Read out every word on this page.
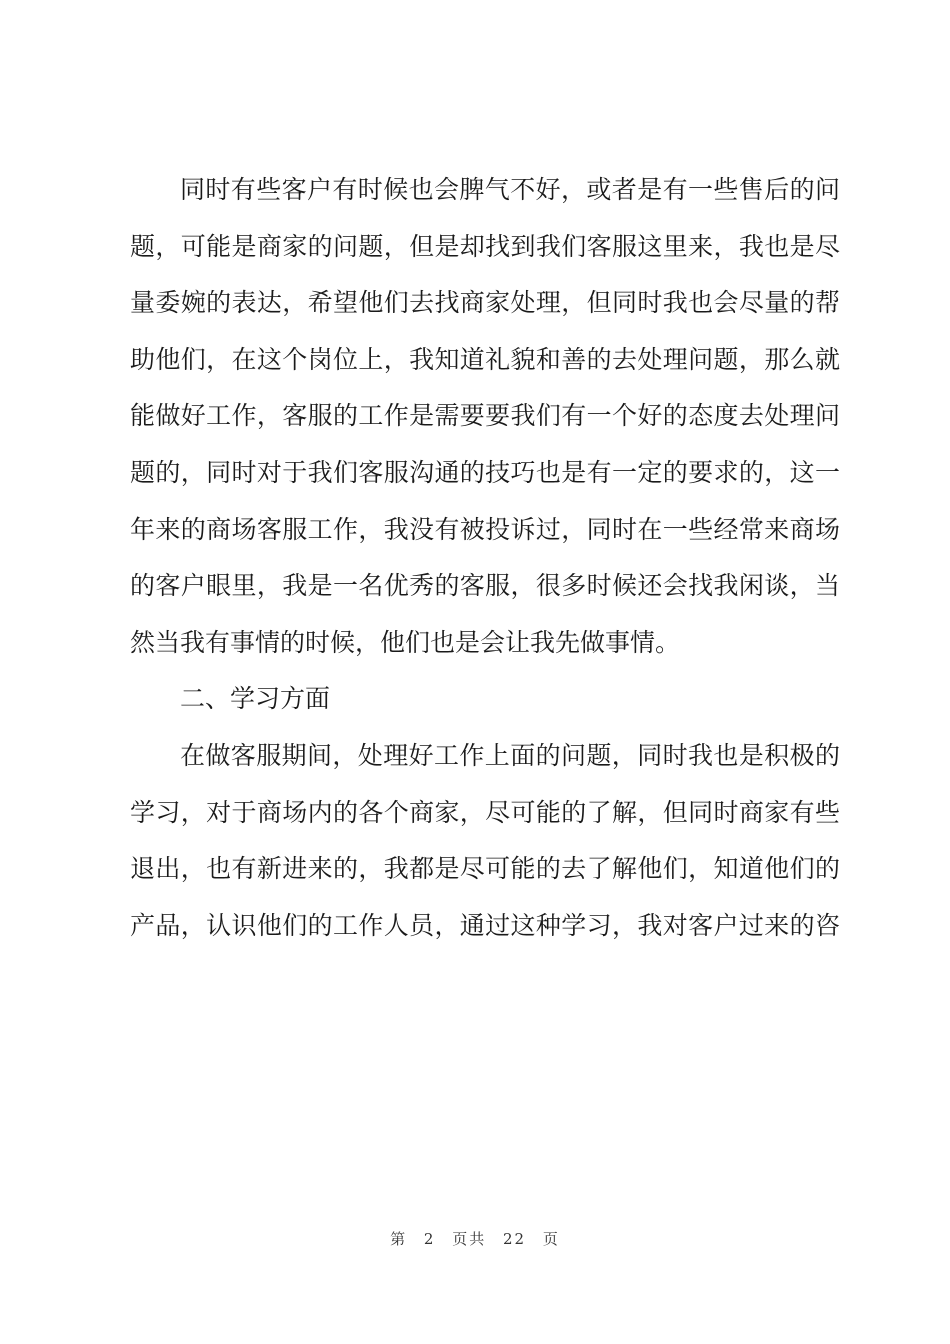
同时有些客户有时候也会脾气不好，或者是有一些售后的问
题，可能是商家的问题，但是却找到我们客服这里来，我也是尽
量委婉的表达，希望他们去找商家处理，但同时我也会尽量的帮
助他们，在这个岗位上，我知道礼貌和善的去处理问题，那么就
能做好工作，客服的工作是需要要我们有一个好的态度去处理问
题的，同时对于我们客服沟通的技巧也是有一定的要求的，这一
年来的商场客服工作，我没有被投诉过，同时在一些经常来商场
的客户眼里，我是一名优秀的客服，很多时候还会找我闲谈，当
然当我有事情的时候，他们也是会让我先做事情。
二、学习方面
在做客服期间，处理好工作上面的问题，同时我也是积极的
学习，对于商场内的各个商家，尽可能的了解，但同时商家有些
退出，也有新进来的，我都是尽可能的去了解他们，知道他们的
产品，认识他们的工作人员，通过这种学习，我对客户过来的咨
第 2 页共 22 页
